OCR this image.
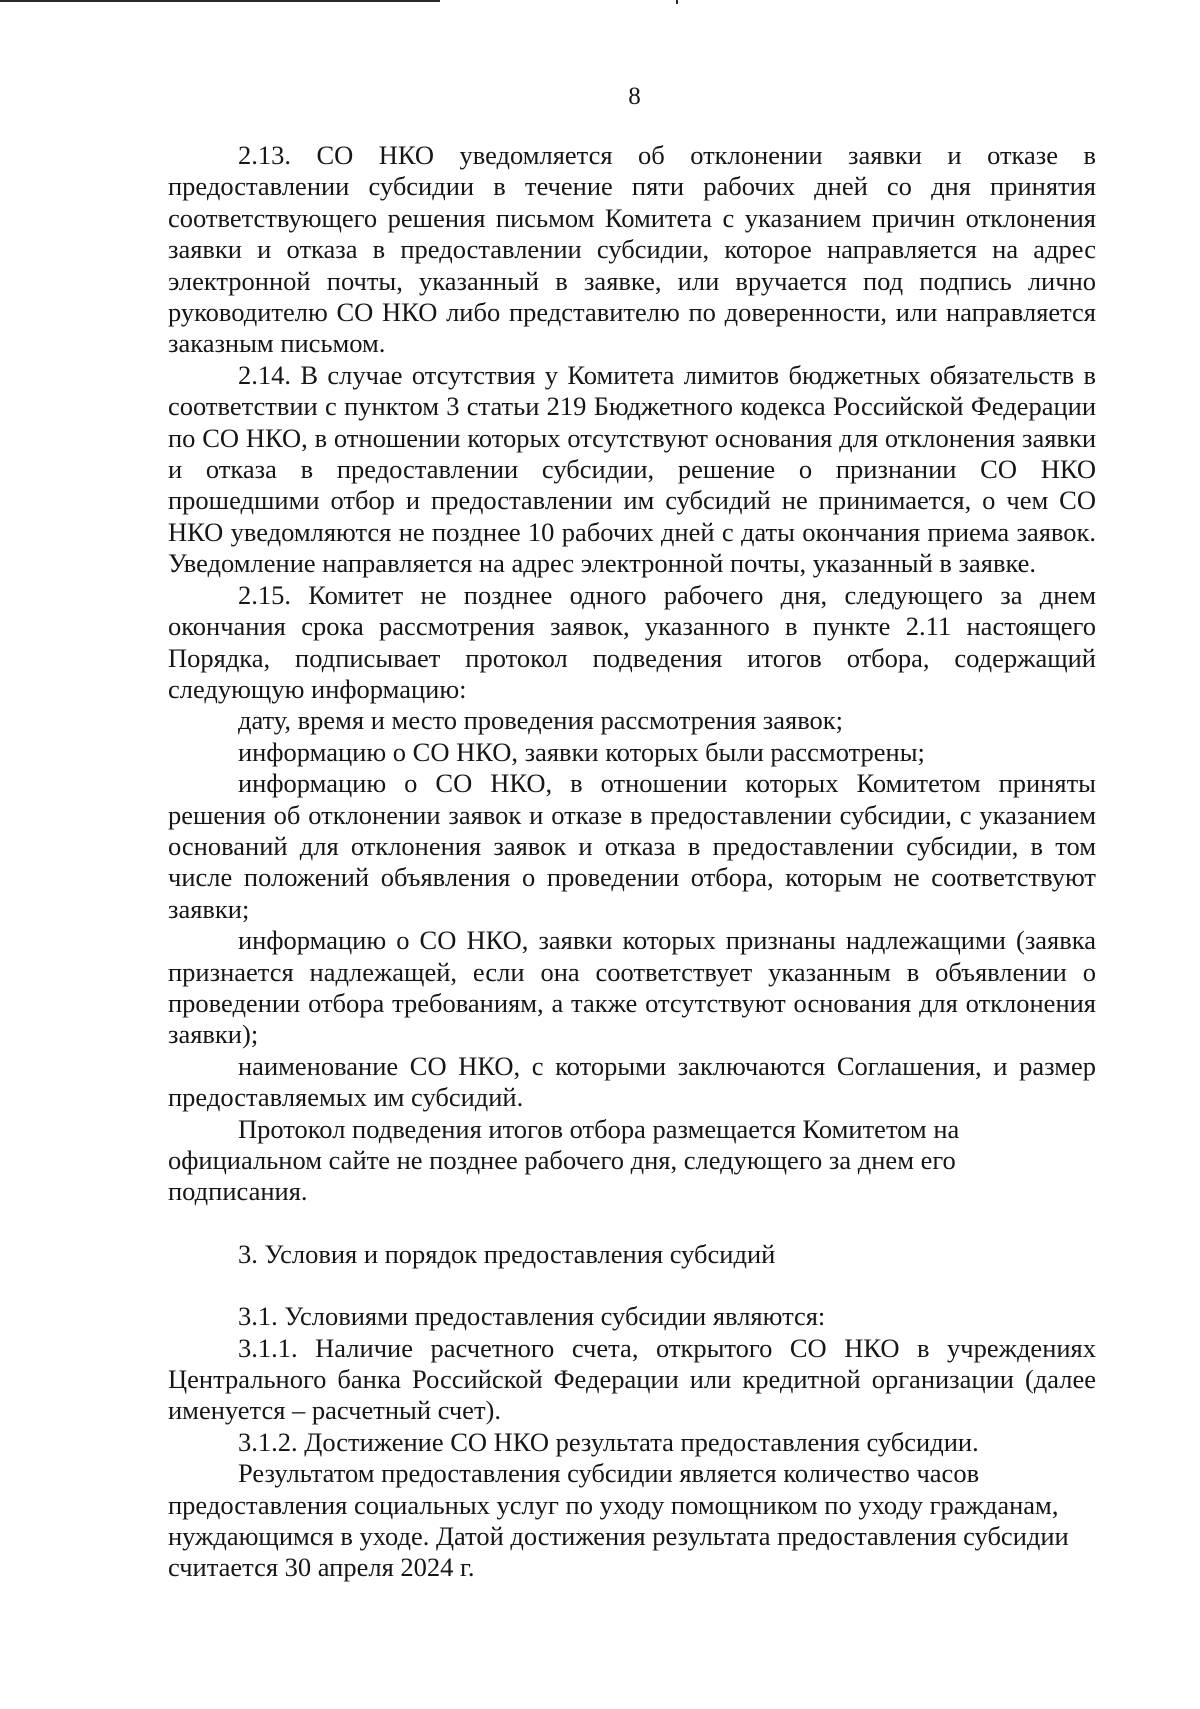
8

2.13. СО НКО уведомляется об отклонении заявки и отказе в предоставлении субсидии в течение пяти рабочих дней со дня принятия соответствующего решения письмом Комитета с указанием причин отклонения заявки и отказа в предоставлении субсидии, которое направляется на адрес электронной почты, указанный в заявке, или вручается под подпись лично руководителю СО НКО либо представителю по доверенности, или направляется заказным письмом.

2.14. В случае отсутствия у Комитета лимитов бюджетных обязательств в соответствии с пунктом 3 статьи 219 Бюджетного кодекса Российской Федерации по СО НКО, в отношении которых отсутствуют основания для отклонения заявки и отказа в предоставлении субсидии, решение о признании СО НКО прошедшими отбор и предоставлении им субсидий не принимается, о чем СО НКО уведомляются не позднее 10 рабочих дней с даты окончания приема заявок. Уведомление направляется на адрес электронной почты, указанный в заявке.

2.15. Комитет не позднее одного рабочего дня, следующего за днем окончания срока рассмотрения заявок, указанного в пункте 2.11 настоящего Порядка, подписывает протокол подведения итогов отбора, содержащий следующую информацию:

дату, время и место проведения рассмотрения заявок;

информацию о СО НКО, заявки которых были рассмотрены;

информацию о СО НКО, в отношении которых Комитетом приняты решения об отклонении заявок и отказе в предоставлении субсидии, с указанием оснований для отклонения заявок и отказа в предоставлении субсидии, в том числе положений объявления о проведении отбора, которым не соответствуют заявки;

информацию о СО НКО, заявки которых признаны надлежащими (заявка признается надлежащей, если она соответствует указанным в объявлении о проведении отбора требованиям, а также отсутствуют основания для отклонения заявки);

наименование СО НКО, с которыми заключаются Соглашения, и размер предоставляемых им субсидий.

Протокол подведения итогов отбора размещается Комитетом на официальном сайте не позднее рабочего дня, следующего за днем его подписания.

3. Условия и порядок предоставления субсидий

3.1. Условиями предоставления субсидии являются:

3.1.1. Наличие расчетного счета, открытого СО НКО в учреждениях Центрального банка Российской Федерации или кредитной организации (далее именуется – расчетный счет).

3.1.2. Достижение СО НКО результата предоставления субсидии.

Результатом предоставления субсидии является количество часов предоставления социальных услуг по уходу помощником по уходу гражданам, нуждающимся в уходе. Датой достижения результата предоставления субсидии считается 30 апреля 2024 г.
